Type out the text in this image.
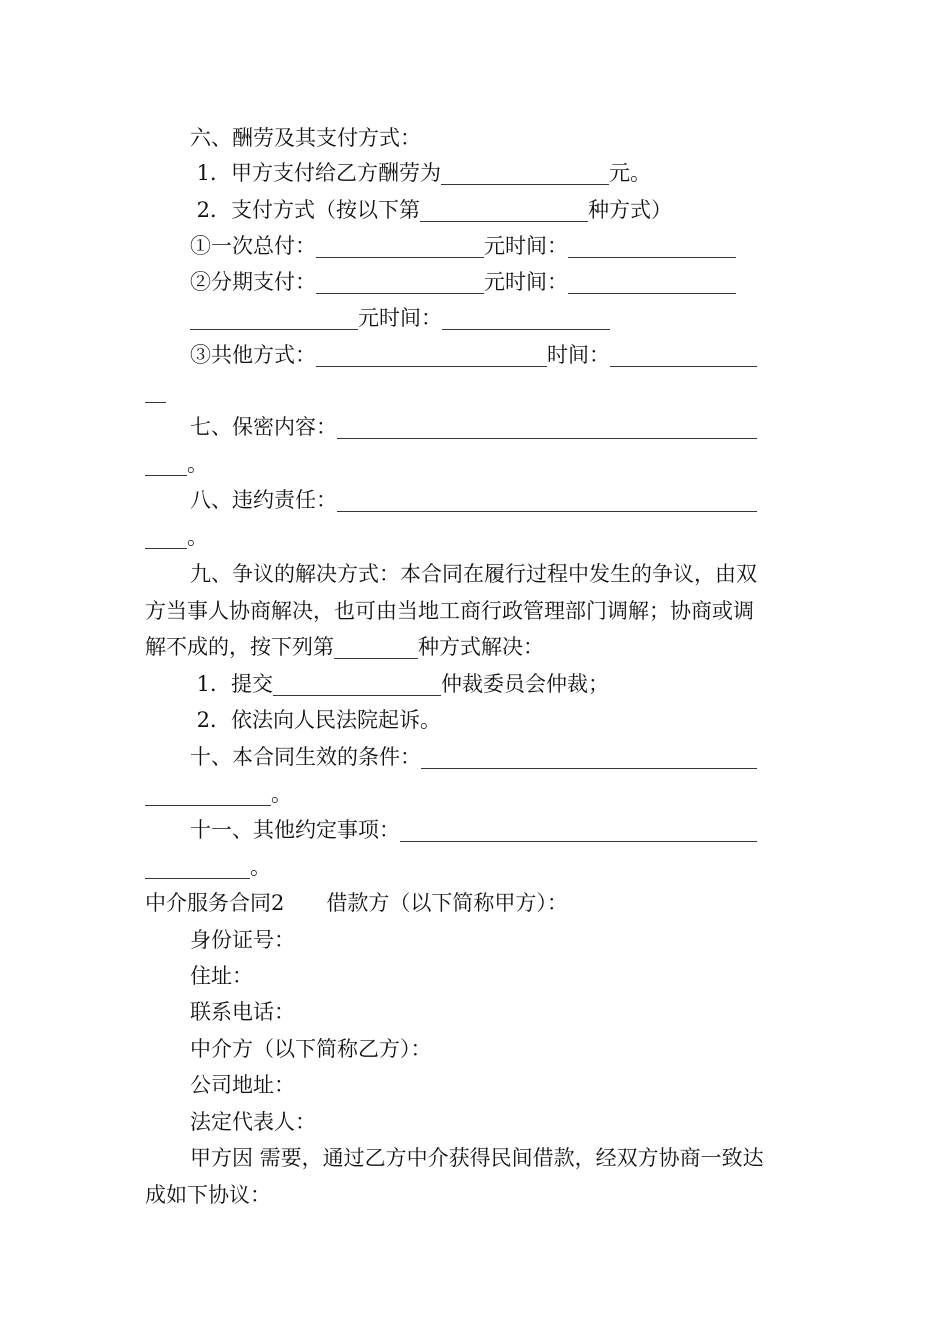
六、酬劳及其支付方式：
1．甲方支付给乙方酬劳为________________元。
2．支付方式（按以下第________________种方式）
①一次总付：________________元时间：________________
②分期支付：________________元时间：________________
________________元时间：________________
③共他方式：______________________时间：______________
__
七、保密内容：________________________________________
____。
八、违约责任：________________________________________
____。
九、争议的解决方式：本合同在履行过程中发生的争议，由双
方当事人协商解决，也可由当地工商行政管理部门调解；协商或调
解不成的，按下列第________种方式解决：
1．提交________________仲裁委员会仲裁；
2．依法向人民法院起诉。
十、本合同生效的条件：________________________________
____________。
十一、其他约定事项：__________________________________
__________。
中介服务合同2　　借款方（以下简称甲方）：
身份证号：
住址：
联系电话：
中介方（以下简称乙方）：
公司地址：
法定代表人：
甲方因 需要，通过乙方中介获得民间借款，经双方协商一致达
成如下协议：
